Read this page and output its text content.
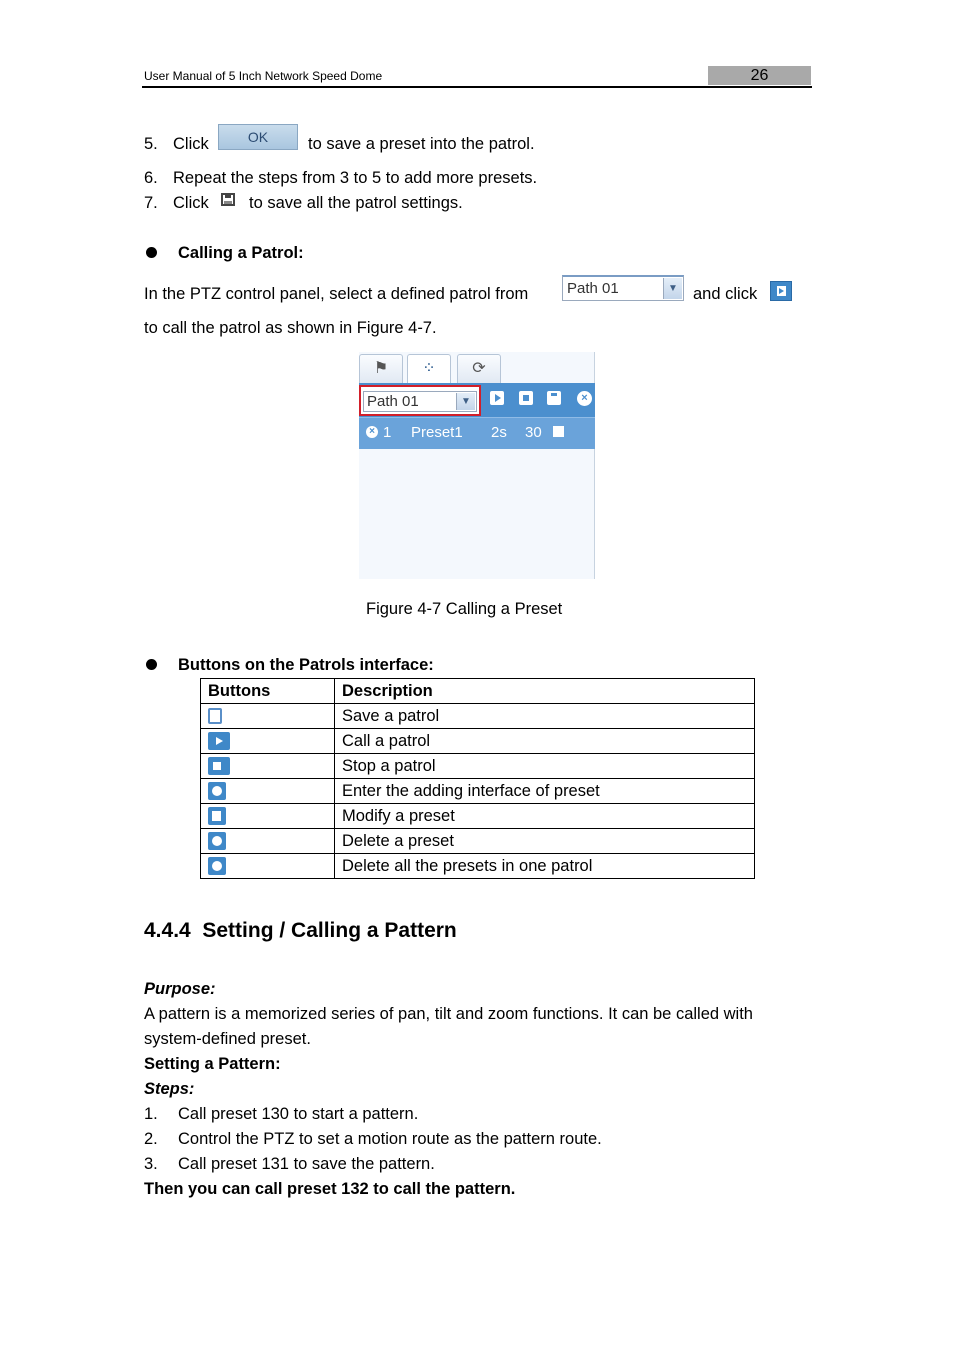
User Manual of 5 Inch Network Speed Dome	26
5. Click	OK	to save a preset into the patrol.
6. Repeat the steps from 3 to 5 to add more presets.
7. Click to save all the patrol settings.
Calling a Patrol:
In the PTZ control panel, select a defined patrol from	Path 01	▼ and click
to call the patrol as shown in Figure 4-7.
⚑	⁘	⟳
Path 01	▼	×
× 1 Preset1 2s 30
Figure 4-7 Calling a Preset
Buttons on the Patrols interface:
Buttons	Description
	Save a patrol

	Call a patrol
	Stop a patrol
	Enter the adding interface of preset

	Modify a preset
	Delete a preset
	Delete all the presets in one patrol
4.4.4  Setting / Calling a Pattern
Purpose:
A pattern is a memorized series of pan, tilt and zoom functions. It can be called with
system-defined preset.
Setting a Pattern:
Steps:
1. Call preset 130 to start a pattern.
2. Control the PTZ to set a motion route as the pattern route.
3. Call preset 131 to save the pattern.
Then you can call preset 132 to call the pattern.
